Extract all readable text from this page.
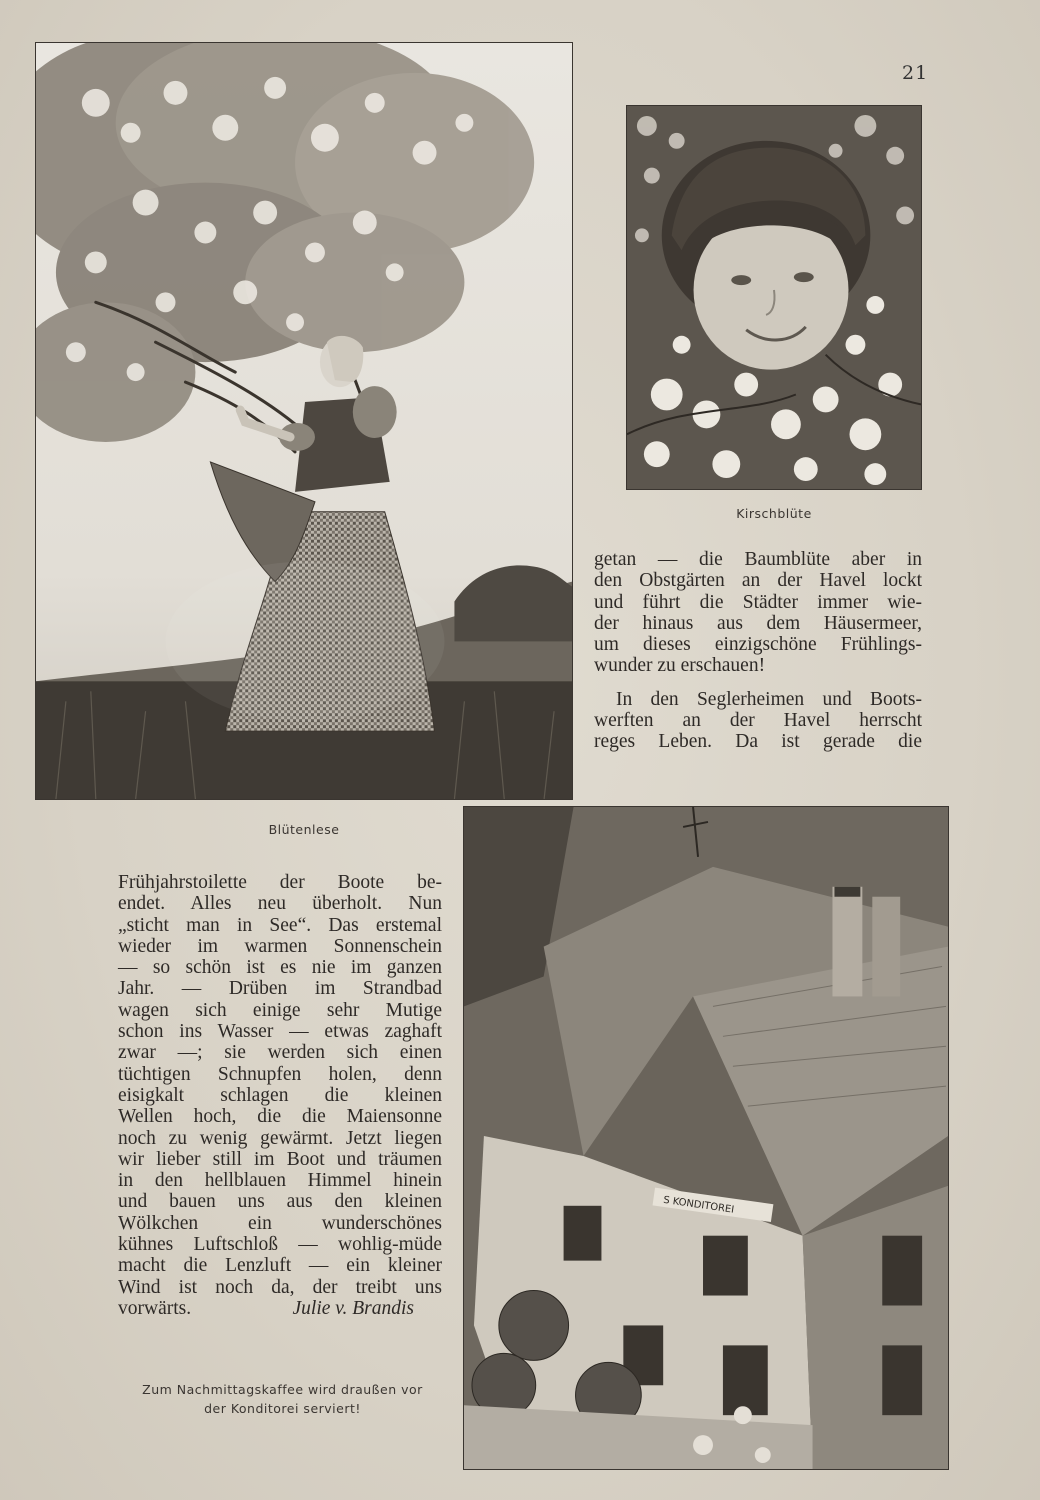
21
S KONDITOREI
Kirschblüte
Blütenlese
Zum Nachmittagskaffee wird draußen vor
der Konditorei serviert!
getan — die Baumblüte aber in
den Obstgärten an der Havel lockt
und führt die Städter immer wie-
der hinaus aus dem Häusermeer,
um dieses einzigschöne Frühlings-
wunder zu erschauen!
In den Seglerheimen und Boots-
werften an der Havel herrscht
reges Leben. Da ist gerade die
Frühjahrstoilette der Boote be-
endet. Alles neu überholt. Nun
„sticht man in See“. Das erstemal
wieder im warmen Sonnenschein
— so schön ist es nie im ganzen
Jahr. — Drüben im Strandbad
wagen sich einige sehr Mutige
schon ins Wasser — etwas zaghaft
zwar —; sie werden sich einen
tüchtigen Schnupfen holen, denn
eisigkalt schlagen die kleinen
Wellen hoch, die die Maiensonne
noch zu wenig gewärmt. Jetzt liegen
wir lieber still im Boot und träumen
in den hellblauen Himmel hinein
und bauen uns aus den kleinen
Wölkchen ein wunderschönes
kühnes Luftschloß — wohlig-müde
macht die Lenzluft — ein kleiner
Wind ist noch da, der treibt uns
vorwärts.	Julie v. Brandis
